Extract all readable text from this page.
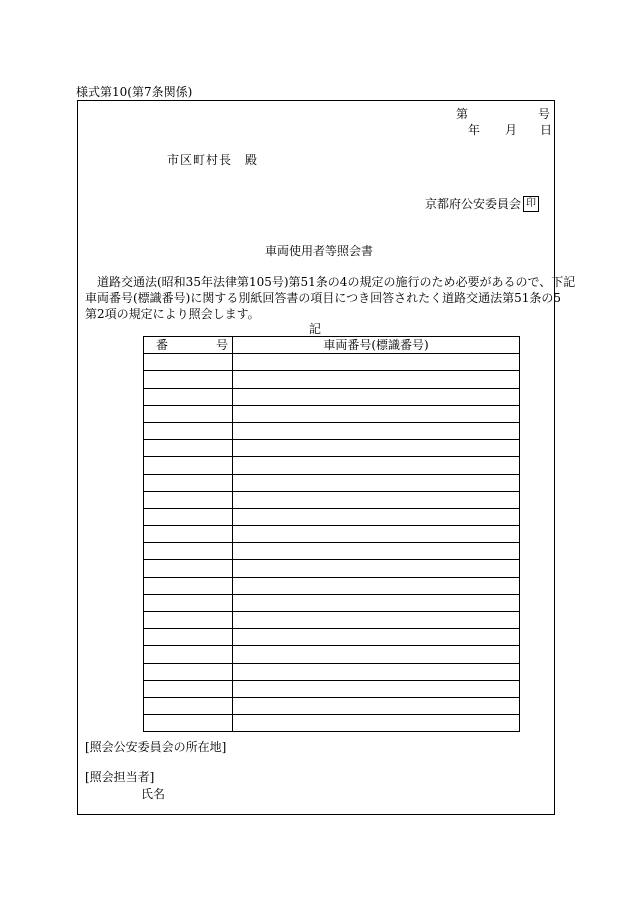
様式第10(第7条関係)
第	号
年 月 日
市区町村長　殿
京都府公安委員会 印
車両使用者等照会書
　道路交通法(昭和35年法律第105号)第51条の4の規定の施行のため必要があるので、下記
車両番号(標識番号)に関する別紙回答書の項目につき回答されたく道路交通法第51条の5
第2項の規定により照会します。
記
番 号	車両番号(標識番号)

[照会公安委員会の所在地]
[照会担当者]
氏名
